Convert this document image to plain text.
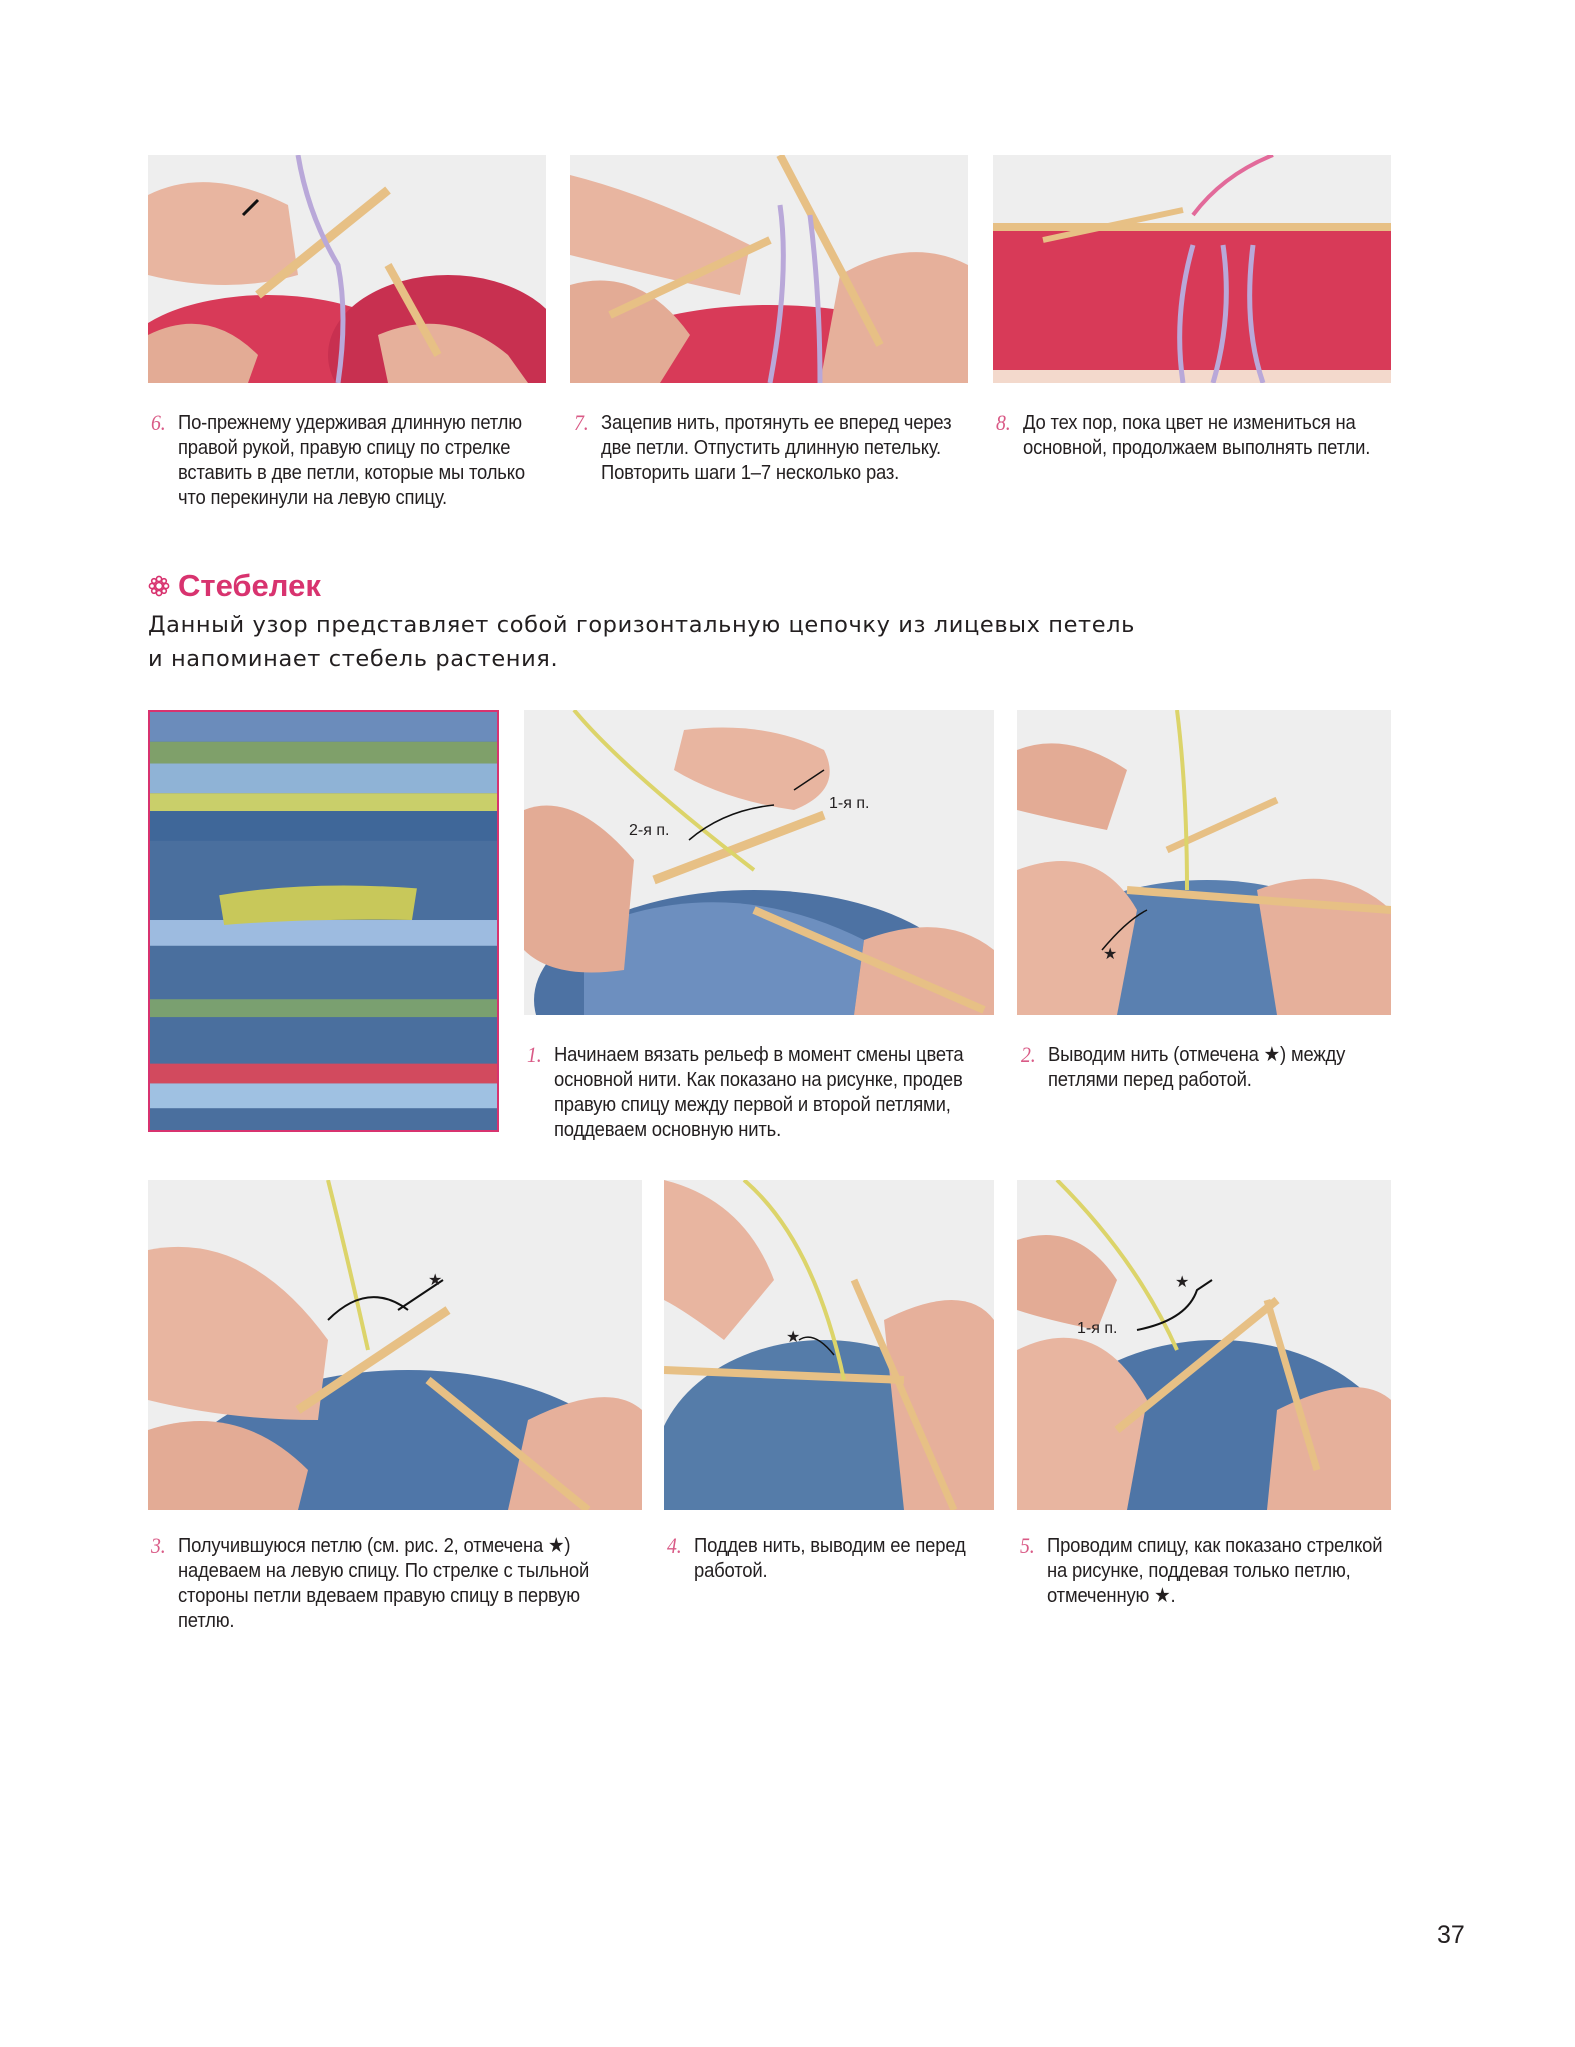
6. По-прежнему удерживая длинную петлю правой рукой, правую спицу по стрелке вставить в две петли, которые мы только что перекинули на левую спицу.
7. Зацепив нить, протянуть ее вперед через две петли. Отпустить длинную петельку. Повторить шаги 1–7 несколько раз.
8. До тех пор, пока цвет не измениться на основной, продолжаем выполнять петли.
Стебелек
Данный узор представляет собой горизонтальную цепочку из лицевых петель и напоминает стебель растения.
2-я п.
1-я п.
★
1. Начинаем вязать рельеф в момент смены цвета основной нити. Как показано на рисунке, продев правую спицу между первой и второй петлями, поддеваем основную нить.
2. Выводим нить (отмечена ★) между петлями перед работой.
★
★
1-я п.
★
3. Получившуюся петлю (см. рис. 2, отмечена ★) надеваем на левую спицу. По стрелке с тыльной стороны петли вдеваем правую спицу в первую петлю.
4. Поддев нить, выводим ее перед работой.
5. Проводим спицу, как показано стрелкой на рисунке, поддевая только петлю, отмеченную ★.
37
